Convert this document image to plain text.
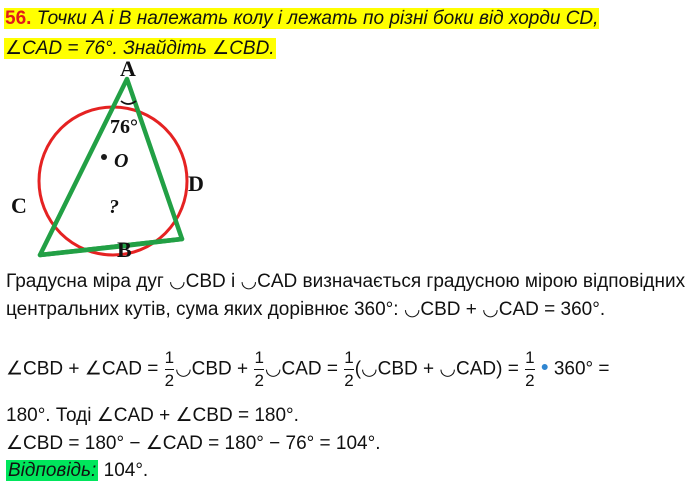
56. Точки A і B належать колу і лежать по різні боки від хорди CD,
∠CAD = 76°. Знайдіть ∠CBD.
A
B
C
D
O
76°
?
Градусна міра дуг ◡CBD і ◡CAD визначається градусною мірою відповідних центральних кутів, сума яких дорівнює 360°: ◡CBD + ◡CAD = 360°.
∠CBD + ∠CAD = $\frac{1}{2}$ ◡CBD + $\frac{1}{2}$ ◡CAD = $\frac{1}{2}$ (◡CBD + ◡CAD) = $\frac{1}{2}$ • 360° =
180°. Тоді ∠CAD + ∠CBD = 180°.
∠CBD = 180° − ∠CAD = 180° − 76° = 104°.
Відповідь: 104°.
